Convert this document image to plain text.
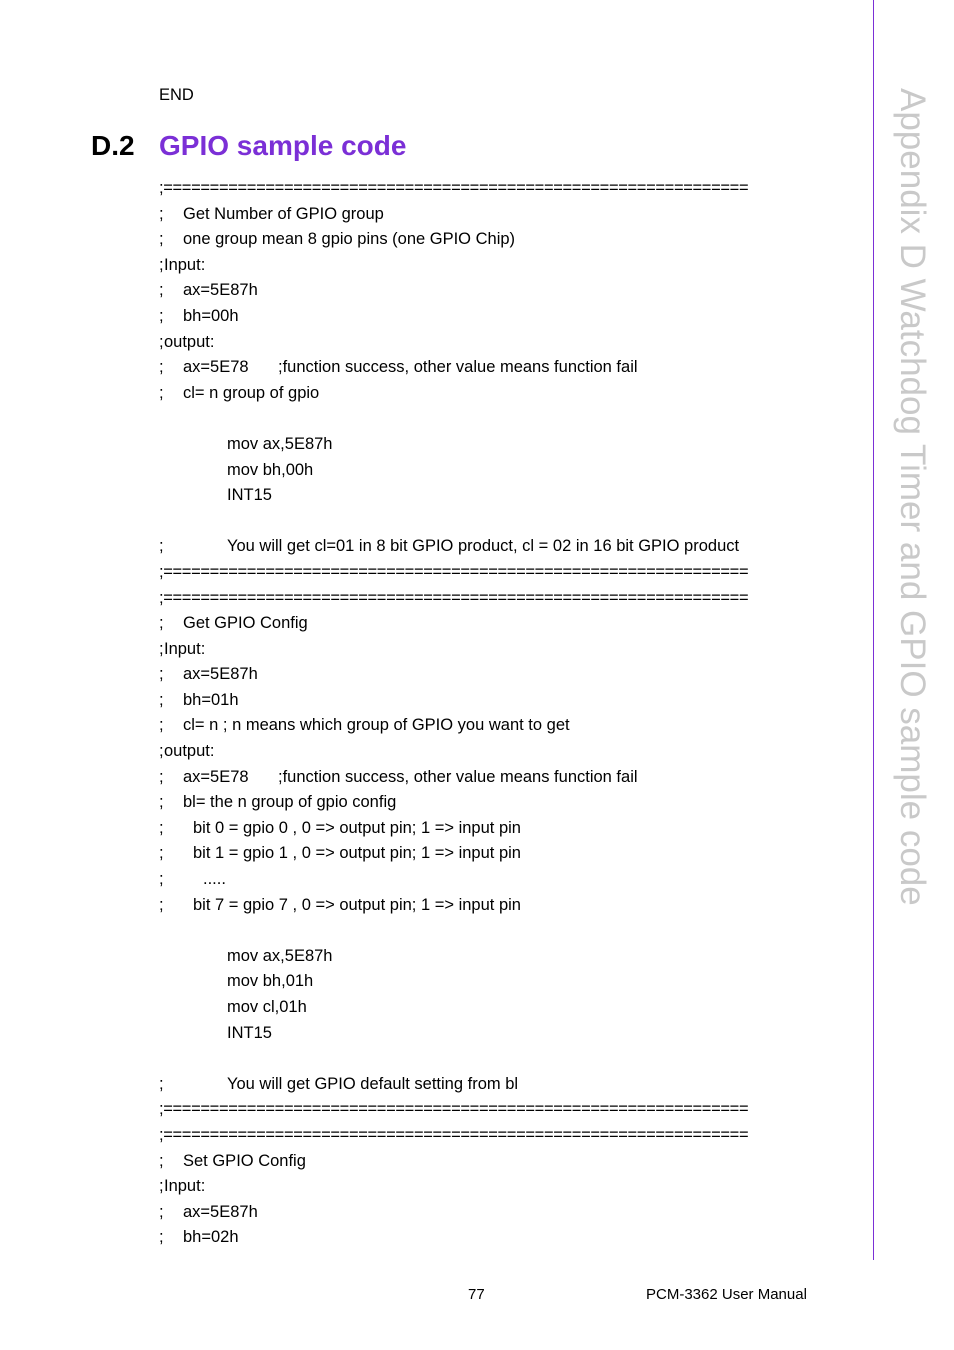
Appendix D Watchdog Timer and GPIO sample code
END
D.2 GPIO sample code
;===============================================================
; Get Number of GPIO group
; one group mean 8 gpio pins (one GPIO Chip)
; Input:
; ax=5E87h
; bh=00h
; output:
; ax=5E78 ;function success, other value means function fail
; cl= n group of gpio
mov ax,5E87h
mov bh,00h
INT15
;	You will get cl=01 in 8 bit GPIO product, cl = 02 in 16 bit GPIO product
;===============================================================
;===============================================================
; Get GPIO Config
; Input:
; ax=5E87h
; bh=01h
; cl= n ; n means which group of GPIO you want to get
; output:
; ax=5E78 ;function success, other value means function fail
; bl= the n group of gpio config
; bit 0 = gpio 0 , 0 => output pin; 1 => input pin
; bit 1 = gpio 1 , 0 => output pin; 1 => input pin
; .....
; bit 7 = gpio 7 , 0 => output pin; 1 => input pin
mov ax,5E87h
mov bh,01h
mov cl,01h
INT15
;	You will get GPIO default setting from bl
;===============================================================
;===============================================================
; Set GPIO Config
; Input:
; ax=5E87h
; bh=02h
77	PCM-3362 User Manual
